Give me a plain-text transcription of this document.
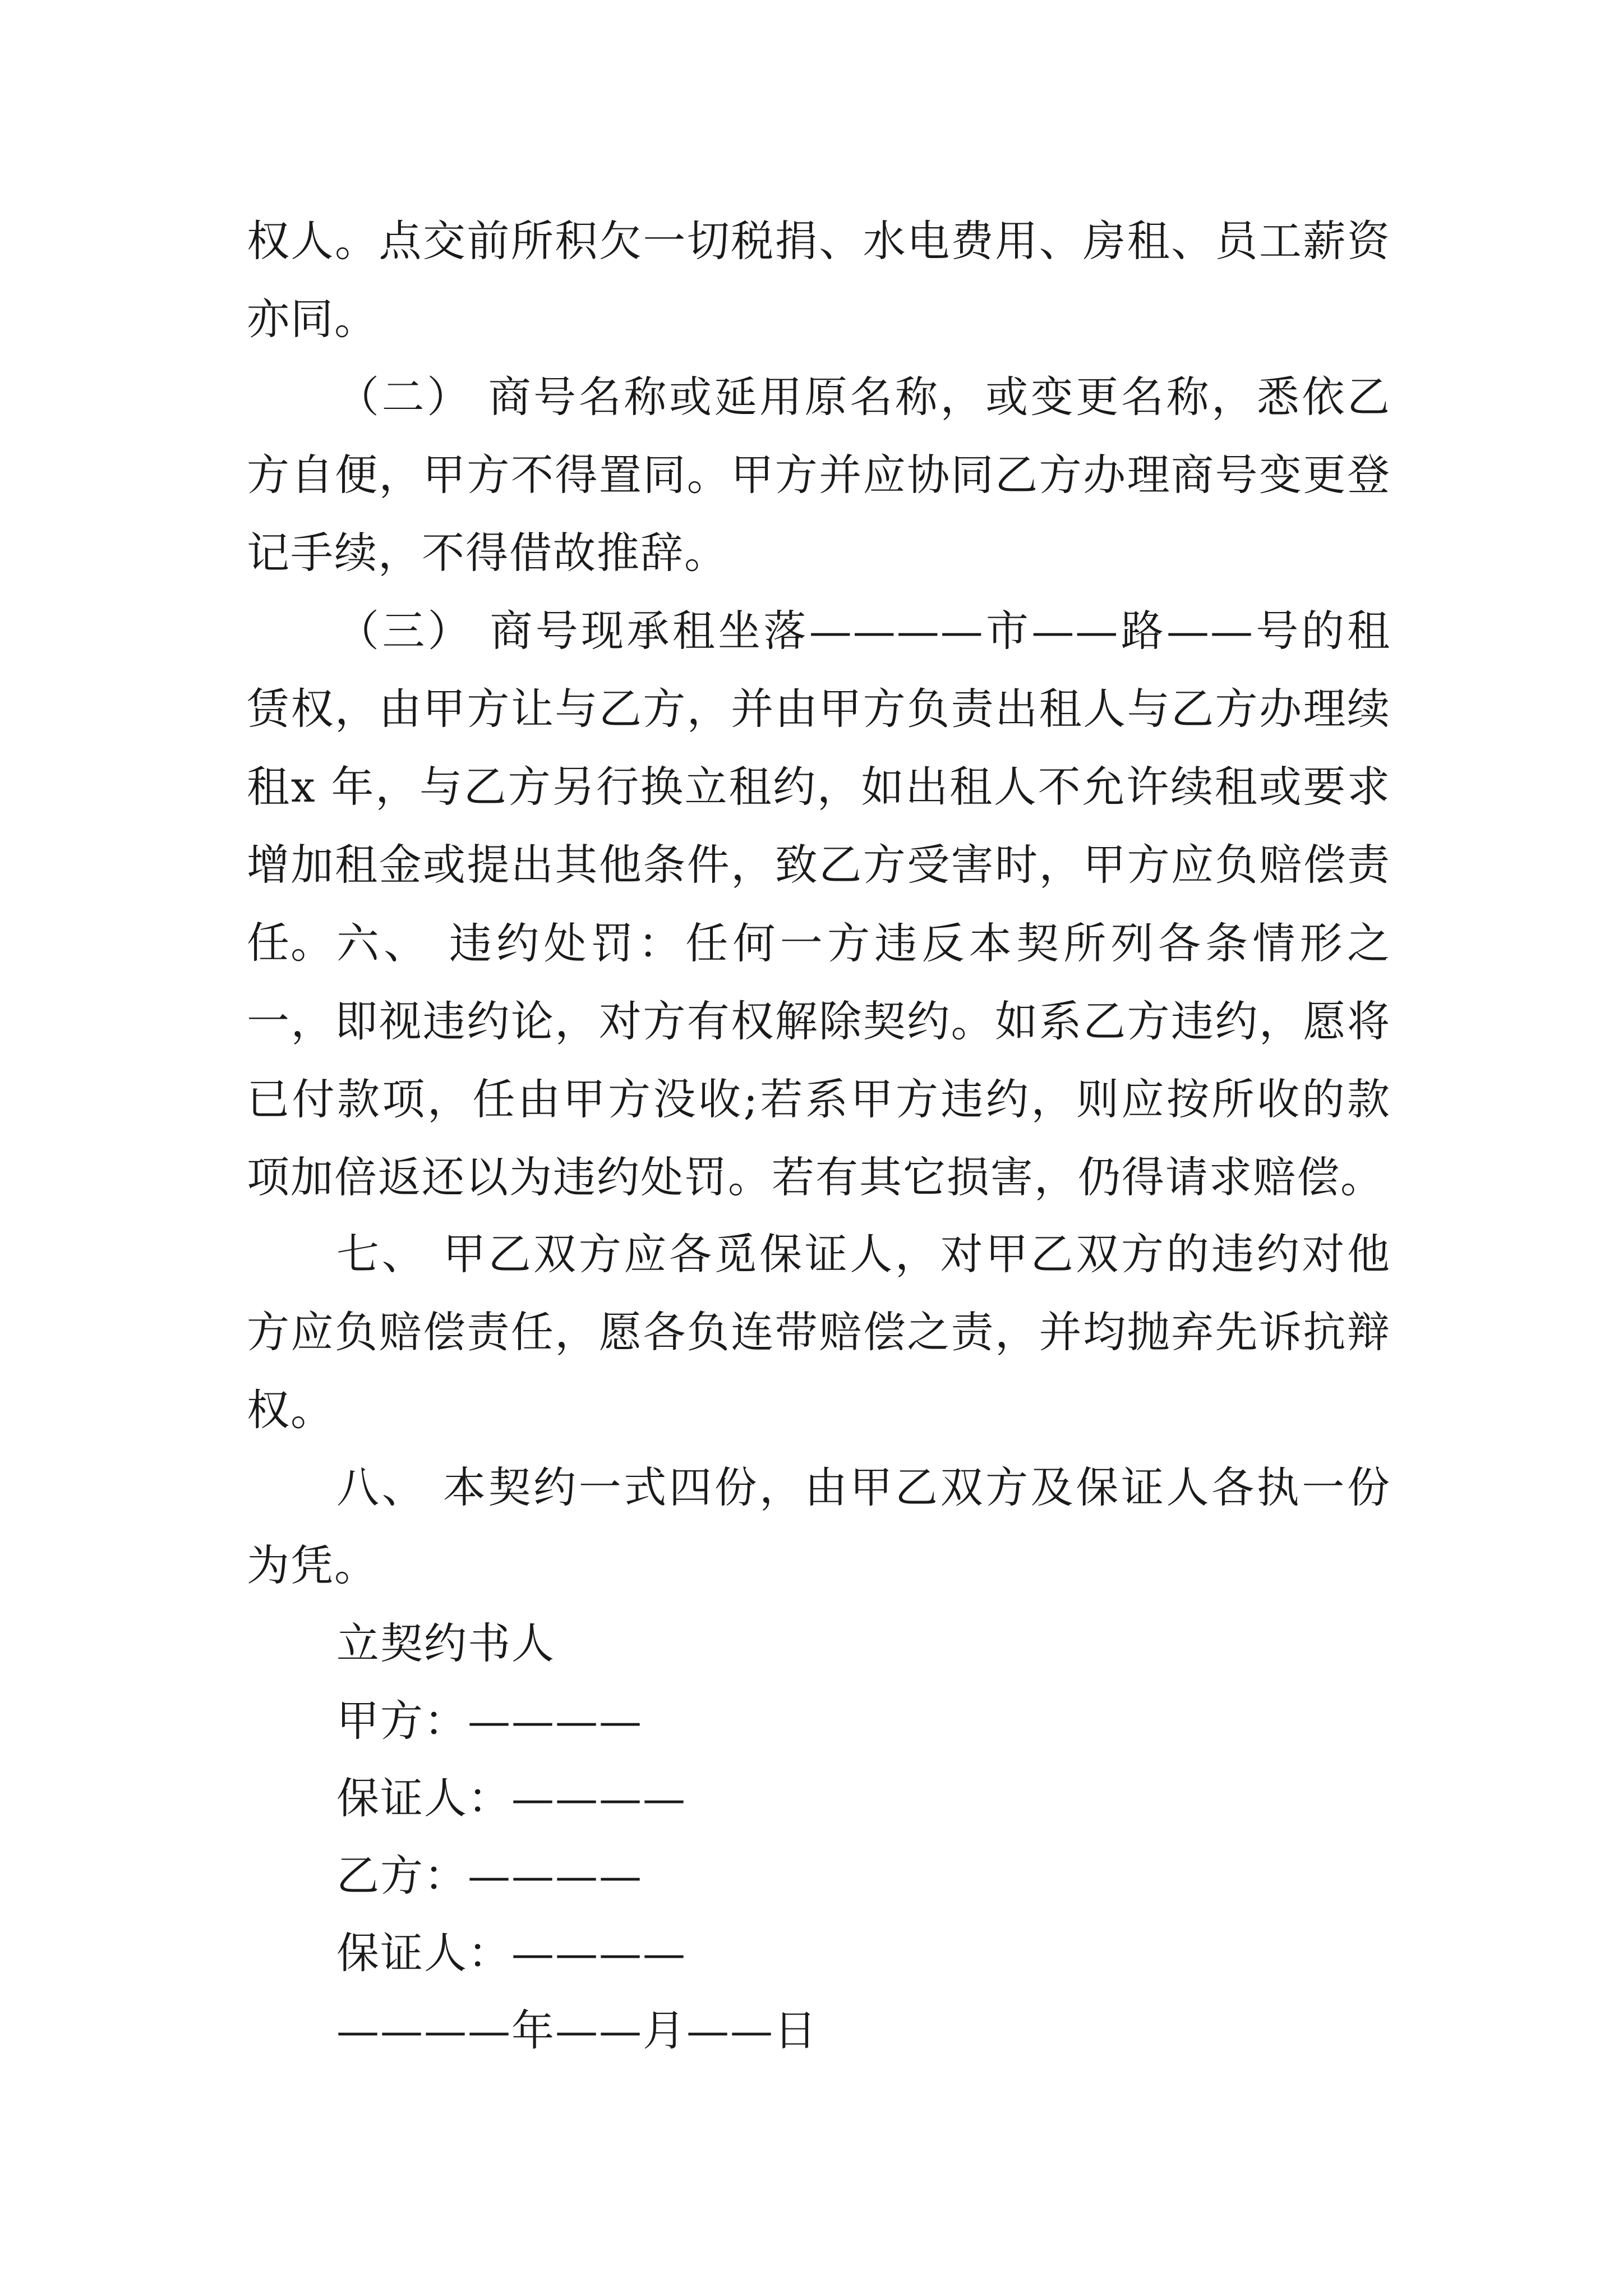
权人。点交前所积欠一切税捐、水电费用、房租、员工薪资亦同。

（二） 商号名称或延用原名称，或变更名称，悉依乙方自便，甲方不得置同。甲方并应协同乙方办理商号变更登记手续，不得借故推辞。

（三） 商号现承租坐落————市——路——号的租赁权，由甲方让与乙方，并由甲方负责出租人与乙方办理续租x 年，与乙方另行换立租约，如出租人不允许续租或要求增加租金或提出其他条件，致乙方受害时，甲方应负赔偿责任。 六、 违约处罚：任何一方违反本契所列各条情形之一，即视违约论，对方有权解除契约。如系乙方违约，愿将已付款项，任由甲方没收;若系甲方违约，则应按所收的款项加倍返还以为违约处罚。若有其它损害，仍得请求赔偿。

七、 甲乙双方应各觅保证人，对甲乙双方的违约对他方应负赔偿责任，愿各负连带赔偿之责，并均抛弃先诉抗辩权。

八、 本契约一式四份，由甲乙双方及保证人各执一份为凭。

立契约书人

甲方：————

保证人：————

乙方：————

保证人：————

————年——月——日
